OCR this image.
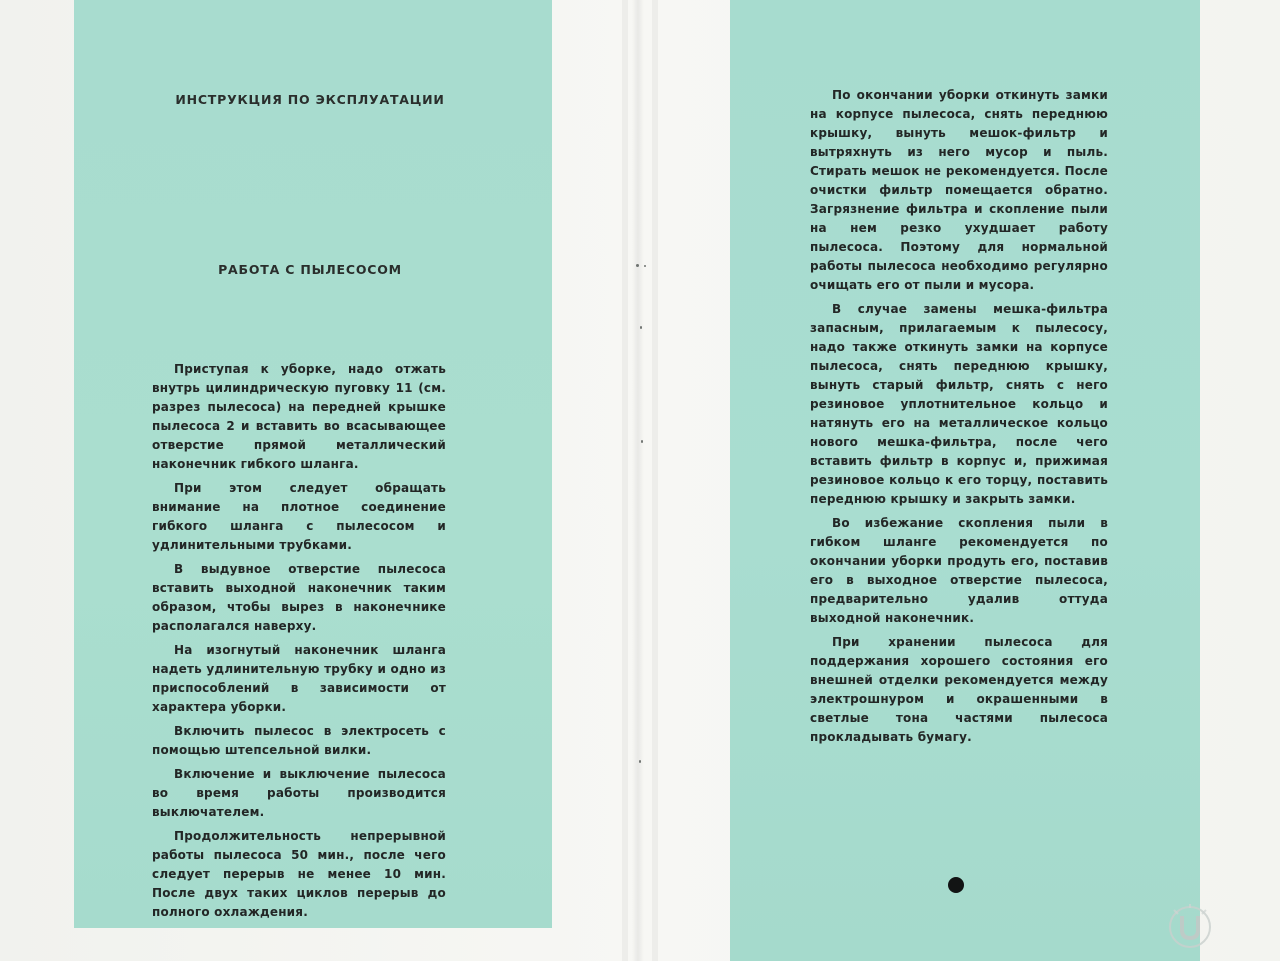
ИНСТРУКЦИЯ ПО ЭКСПЛУАТАЦИИ
РАБОТА С ПЫЛЕСОСОМ

Приступая к уборке, надо отжать внутрь цилиндрическую пуговку 11 (см. разрез пылесоса) на передней крышке пылесоса 2 и вставить во всасывающее отверстие прямой металлический наконечник гибкого шланга.

При этом следует обращать внимание на плотное соединение гибкого шланга с пылесосом и удлинительными трубками.

В выдувное отверстие пылесоса вставить выходной наконечник таким образом, чтобы вырез в наконечнике располагался наверху.

На изогнутый наконечник шланга надеть удлинительную трубку и одно из приспособлений в зависимости от характера уборки.

Включить пылесос в электросеть с помощью штепсельной вилки.

Включение и выключение пылесоса во время работы производится выключателем.

Продолжительность непрерывной работы пылесоса 50 мин., после чего следует перерыв не менее 10 мин. После двух таких циклов перерыв до полного охлаждения.

По окончании уборки откинуть замки на корпусе пылесоса, снять переднюю крышку, вынуть мешок-фильтр и вытряхнуть из него мусор и пыль. Стирать мешок не рекомендуется. После очистки фильтр помещается обратно. Загрязнение фильтра и скопление пыли на нем резко ухудшает работу пылесоса. Поэтому для нормальной работы пылесоса необходимо регулярно очищать его от пыли и мусора.

В случае замены мешка-фильтра запасным, прилагаемым к пылесосу, надо также откинуть замки на корпусе пылесоса, снять переднюю крышку, вынуть старый фильтр, снять с него резиновое уплотнительное кольцо и натянуть его на металлическое кольцо нового мешка-фильтра, после чего вставить фильтр в корпус и, прижимая резиновое кольцо к его торцу, поставить переднюю крышку и закрыть замки.

Во избежание скопления пыли в гибком шланге рекомендуется по окончании уборки продуть его, поставив его в выходное отверстие пылесоса, предварительно удалив оттуда выходной наконечник.

При хранении пылесоса для поддержания хорошего состояния его внешней отделки рекомендуется между электрошнуром и окрашенными в светлые тона частями пылесоса прокладывать бумагу.
